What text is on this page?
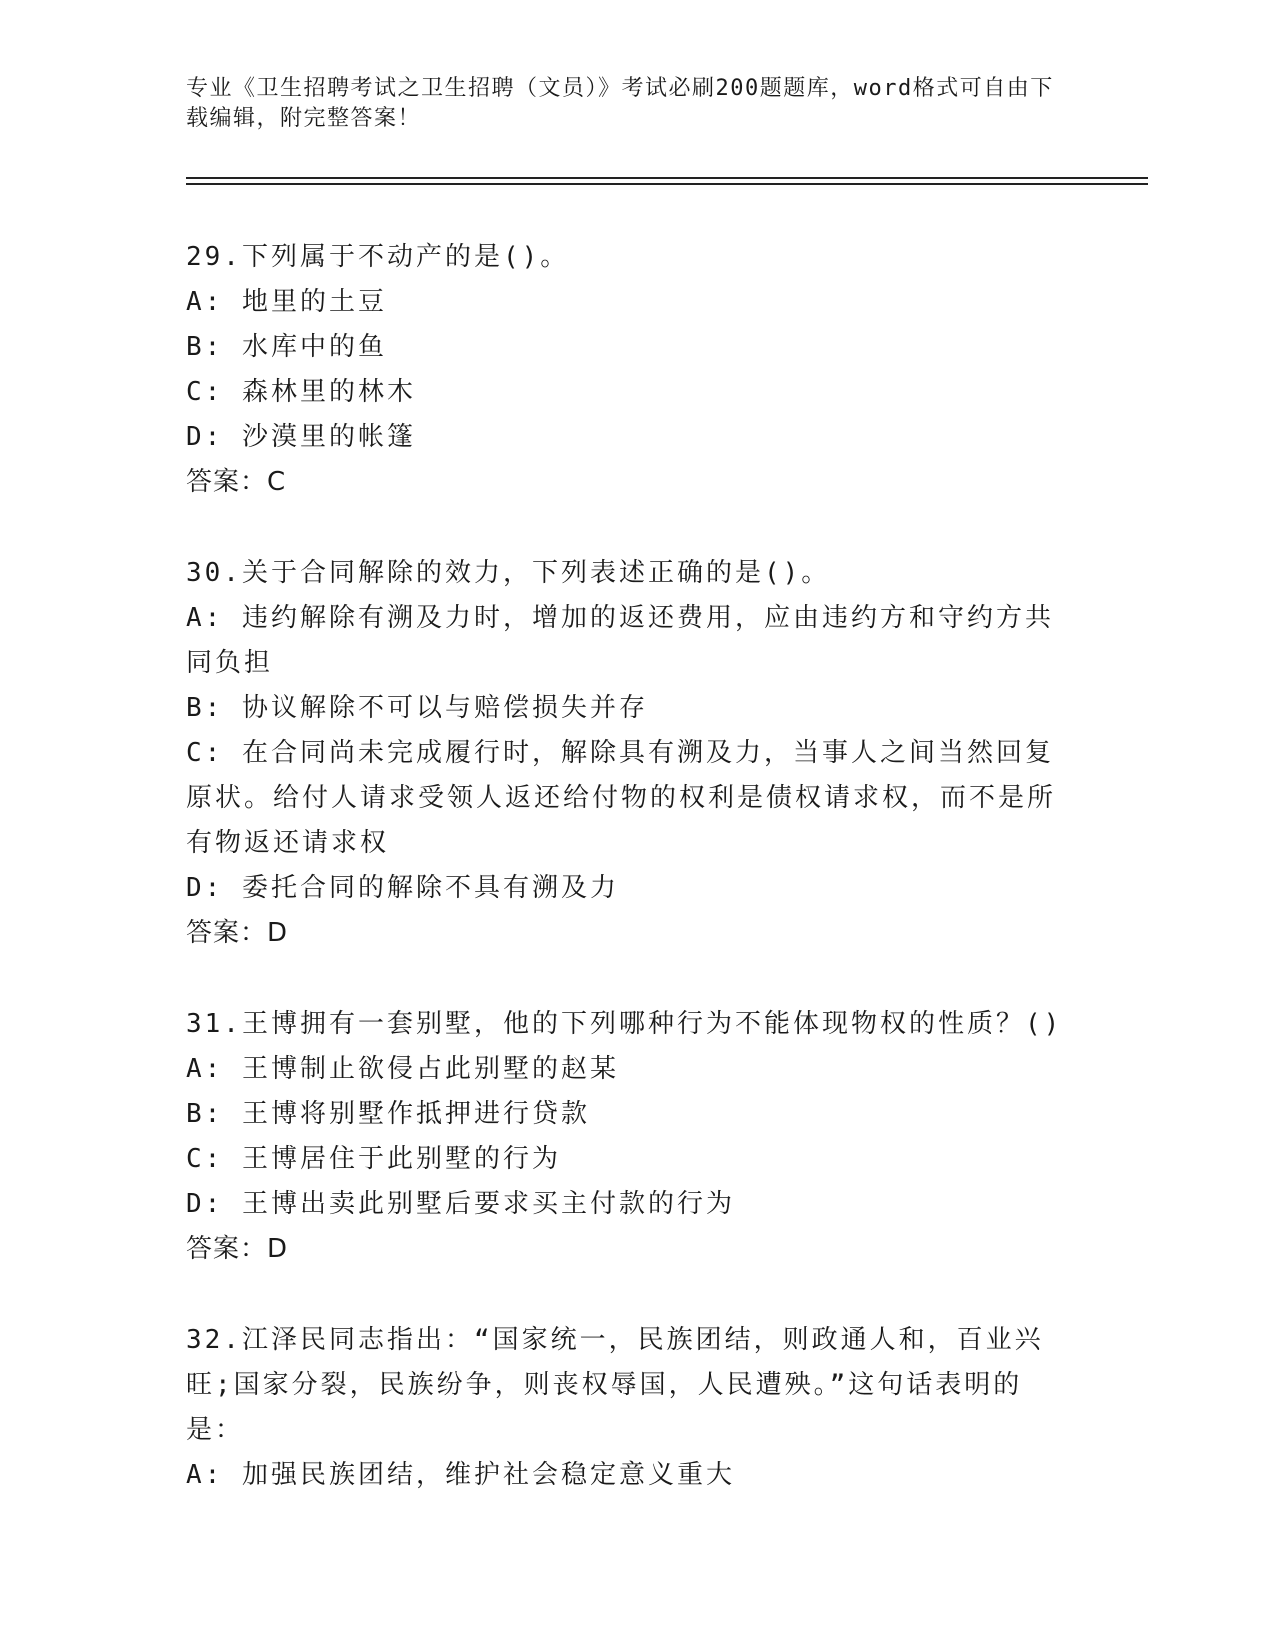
专业《卫生招聘考试之卫生招聘（文员）》考试必刷200题题库，word格式可自由下载编辑，附完整答案！
29.下列属于不动产的是()。
A: 地里的土豆
B: 水库中的鱼
C: 森林里的林木
D: 沙漠里的帐篷
答案：C
30.关于合同解除的效力，下列表述正确的是()。
A: 违约解除有溯及力时，增加的返还费用，应由违约方和守约方共同负担
B: 协议解除不可以与赔偿损失并存
C: 在合同尚未完成履行时，解除具有溯及力，当事人之间当然回复原状。给付人请求受领人返还给付物的权利是债权请求权，而不是所有物返还请求权
D: 委托合同的解除不具有溯及力
答案：D
31.王博拥有一套别墅，他的下列哪种行为不能体现物权的性质？()
A: 王博制止欲侵占此别墅的赵某
B: 王博将别墅作抵押进行贷款
C: 王博居住于此别墅的行为
D: 王博出卖此别墅后要求买主付款的行为
答案：D
32.江泽民同志指出：“国家统一，民族团结，则政通人和，百业兴旺;国家分裂，民族纷争，则丧权辱国，人民遭殃。”这句话表明的是：
A: 加强民族团结，维护社会稳定意义重大
